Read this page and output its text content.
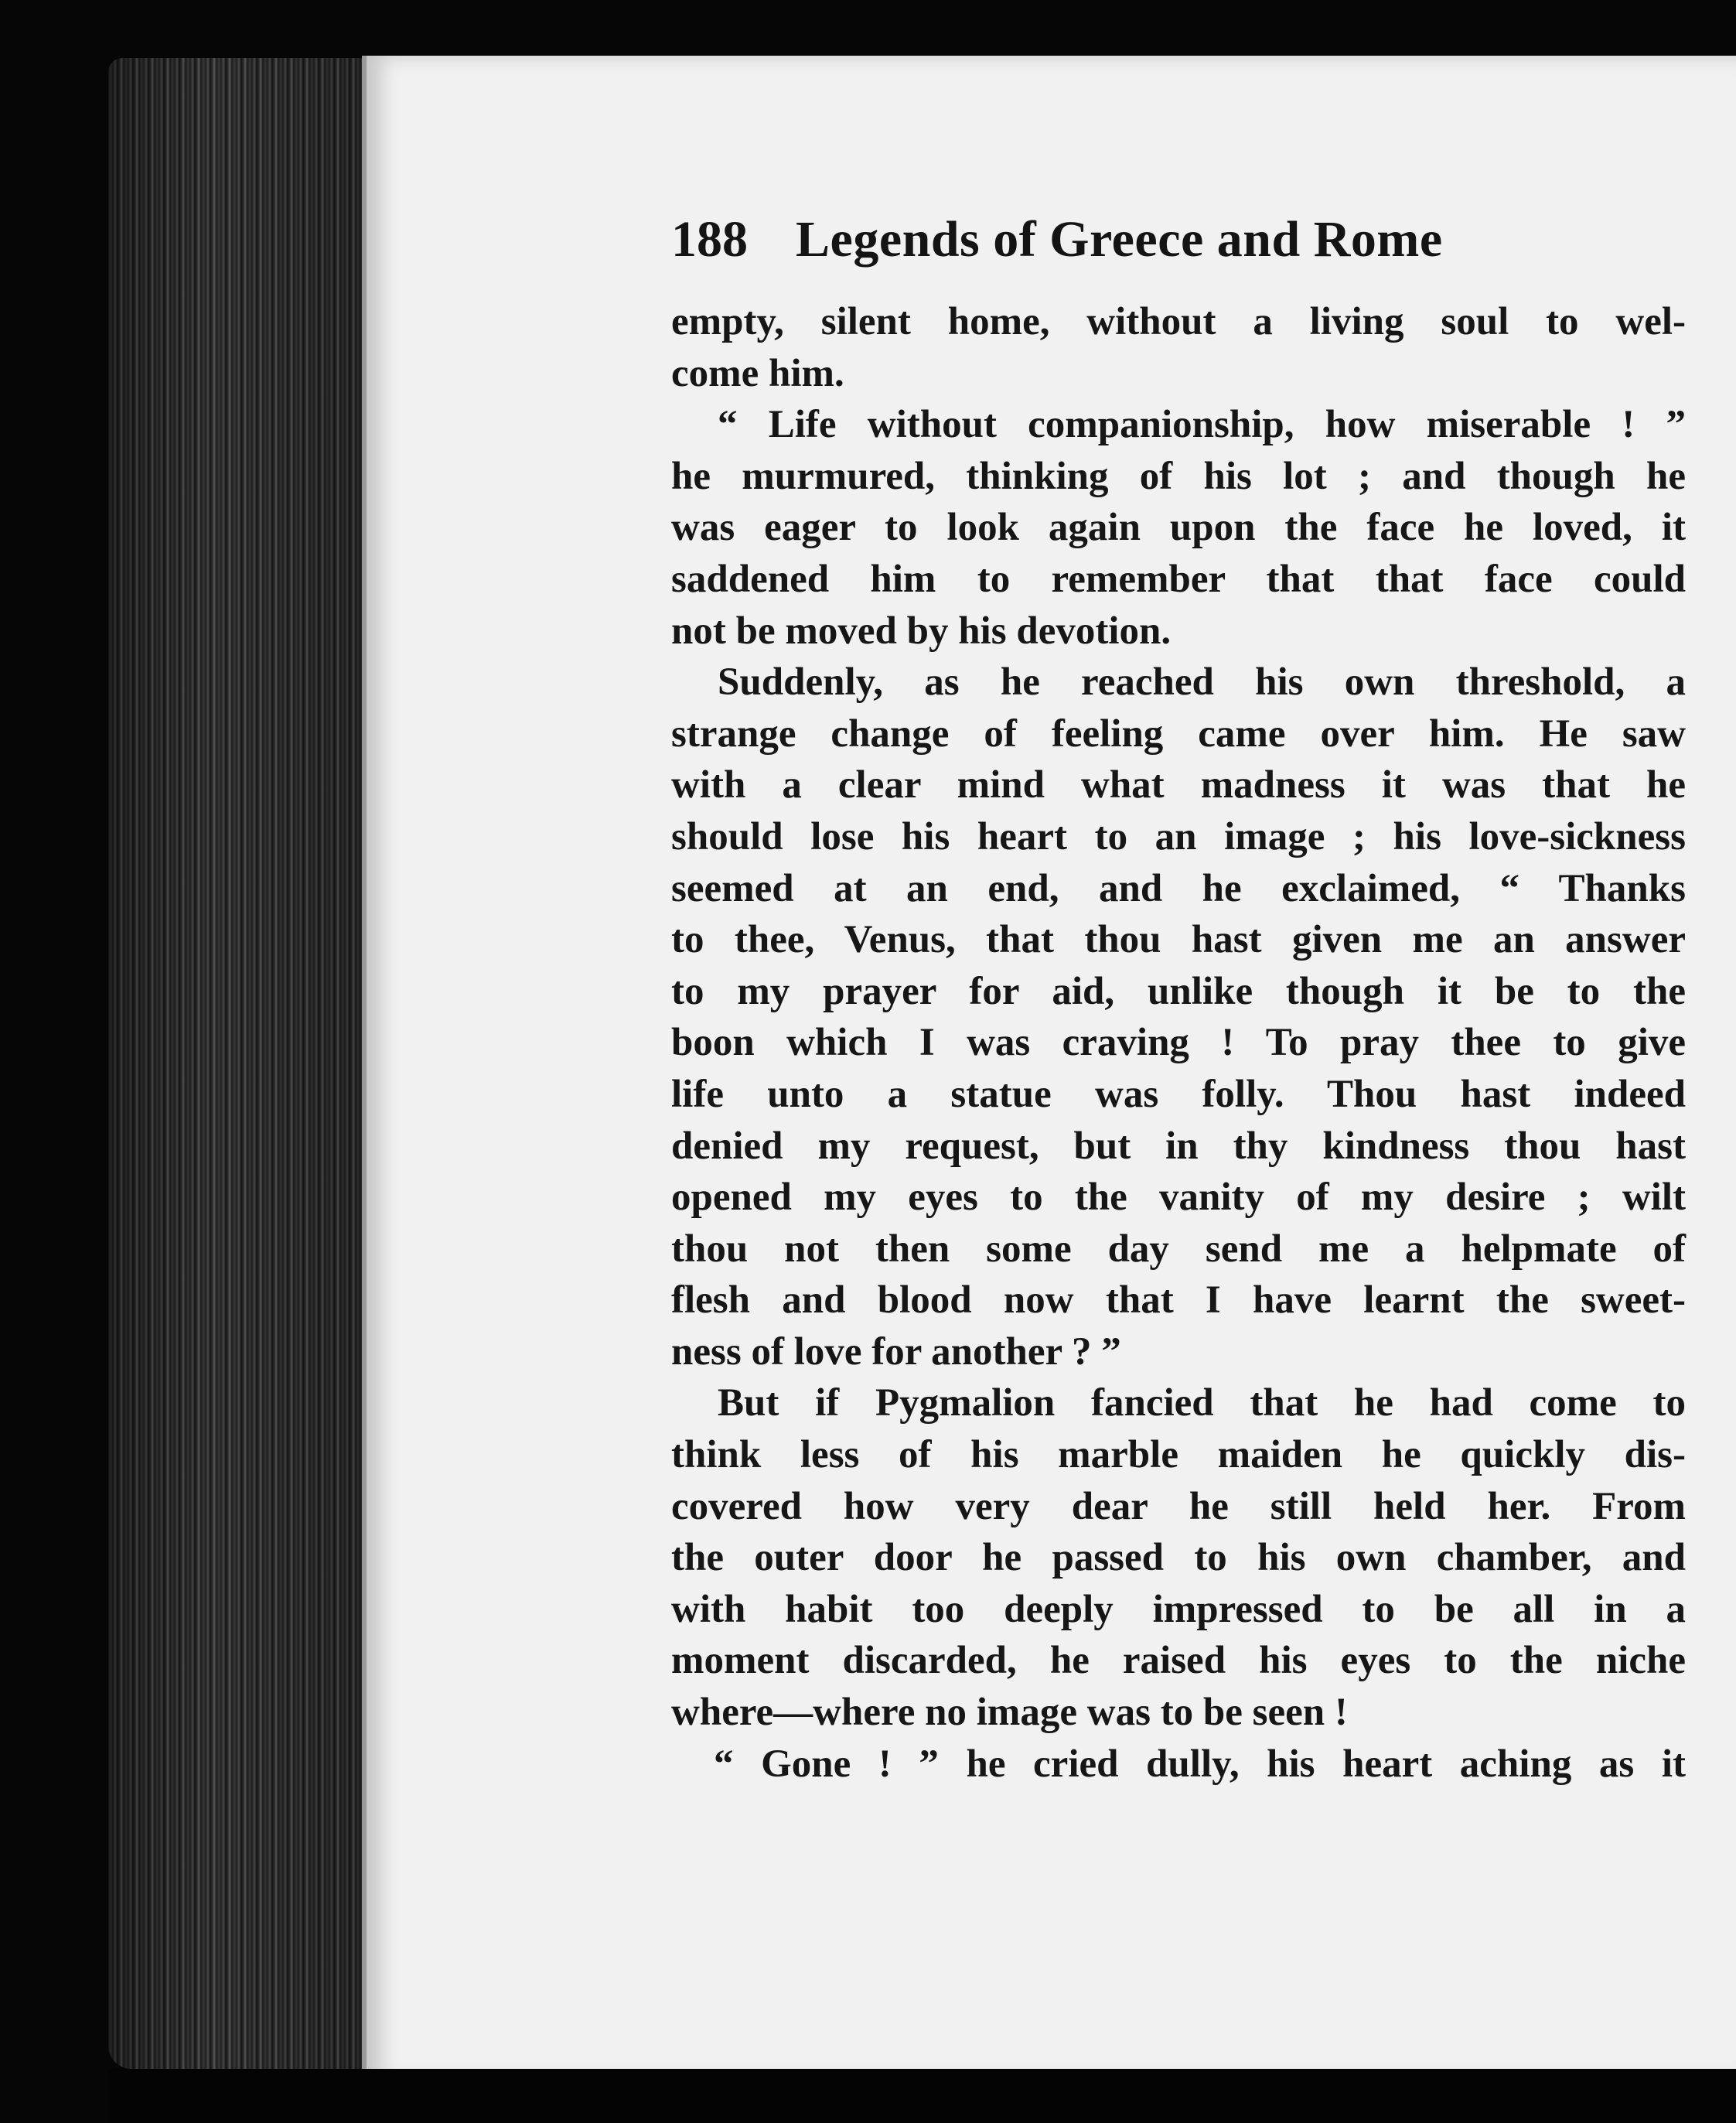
188 Legends of Greece and Rome
empty, silent home, without a living soul to wel-
come him.
“ Life without companionship, how miserable ! ”
he murmured, thinking of his lot ; and though he
was eager to look again upon the face he loved, it
saddened him to remember that that face could
not be moved by his devotion.
Suddenly, as he reached his own threshold, a
strange change of feeling came over him. He saw
with a clear mind what madness it was that he
should lose his heart to an image ; his love-sickness
seemed at an end, and he exclaimed, “ Thanks
to thee, Venus, that thou hast given me an answer
to my prayer for aid, unlike though it be to the
boon which I was craving ! To pray thee to give
life unto a statue was folly. Thou hast indeed
denied my request, but in thy kindness thou hast
opened my eyes to the vanity of my desire ; wilt
thou not then some day send me a helpmate of
flesh and blood now that I have learnt the sweet-
ness of love for another ? ”
But if Pygmalion fancied that he had come to
think less of his marble maiden he quickly dis-
covered how very dear he still held her. From
the outer door he passed to his own chamber, and
with habit too deeply impressed to be all in a
moment discarded, he raised his eyes to the niche
where—where no image was to be seen !
“ Gone ! ” he cried dully, his heart aching as it
